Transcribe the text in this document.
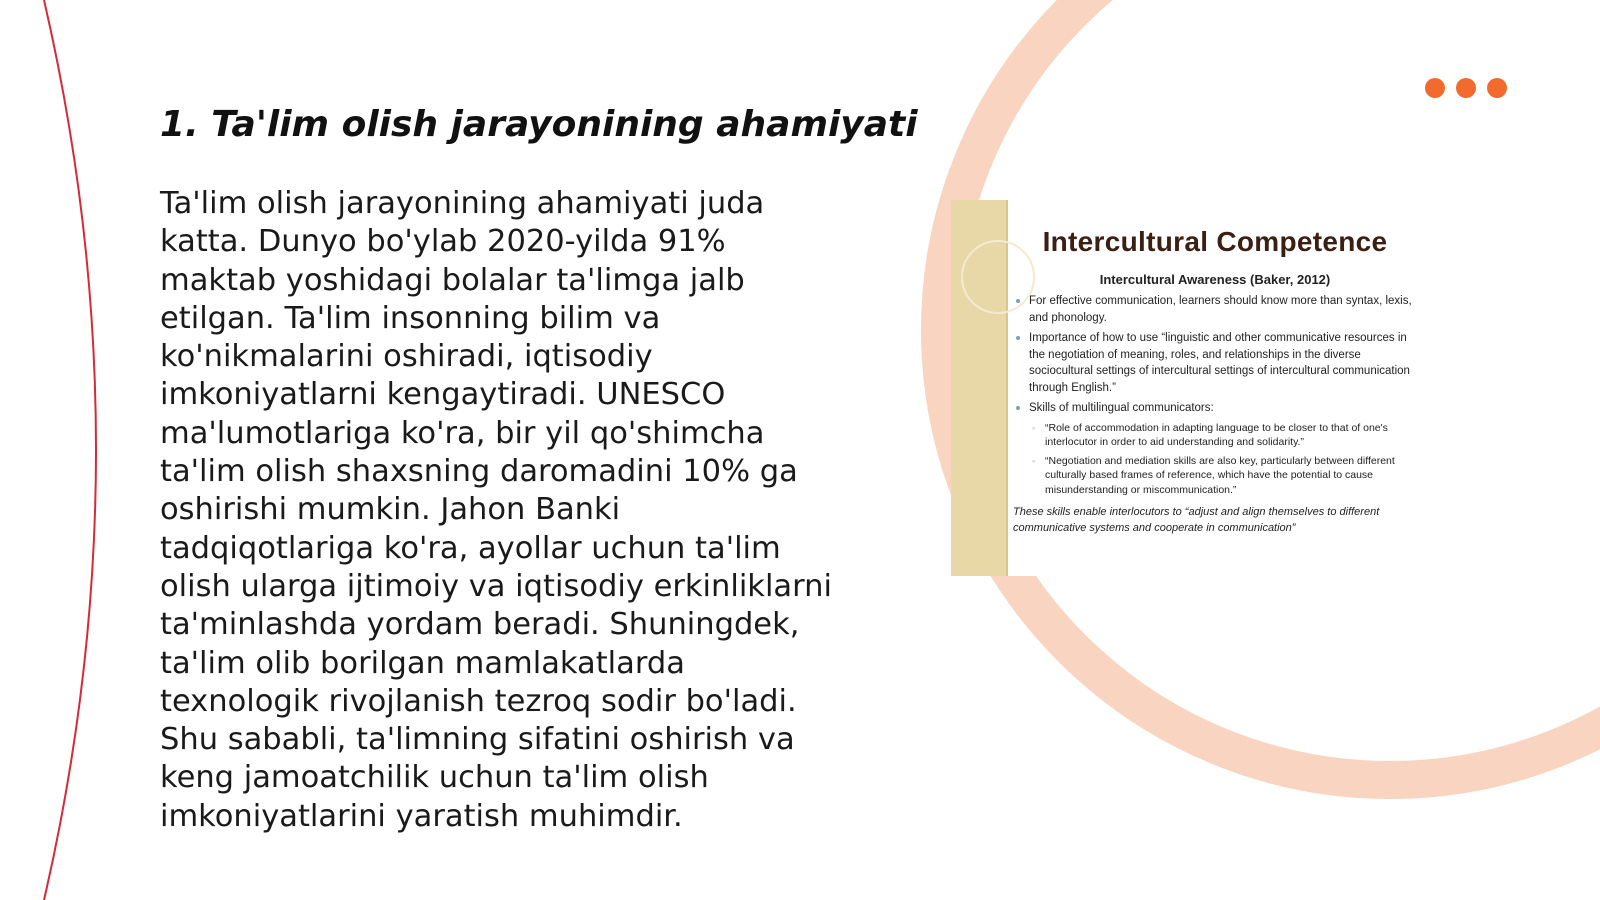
1. Ta'lim olish jarayonining ahamiyati

Ta'lim olish jarayonining ahamiyati juda katta. Dunyo bo'ylab 2020-yilda 91% maktab yoshidagi bolalar ta'limga jalb etilgan. Ta'lim insonning bilim va ko'nikmalarini oshiradi, iqtisodiy imkoniyatlarni kengaytiradi. UNESCO ma'lumotlariga ko'ra, bir yil qo'shimcha ta'lim olish shaxsning daromadini 10% ga oshirishi mumkin. Jahon Banki tadqiqotlariga ko'ra, ayollar uchun ta'lim olish ularga ijtimoiy va iqtisodiy erkinliklarni ta'minlashda yordam beradi. Shuningdek, ta'lim olib borilgan mamlakatlarda texnologik rivojlanish tezroq sodir bo'ladi. Shu sababli, ta'limning sifatini oshirish va keng jamoatchilik uchun ta'lim olish imkoniyatlarini yaratish muhimdir.

Intercultural Competence
Intercultural Awareness (Baker, 2012)
For effective communication, learners should know more than syntax, lexis, and phonology.
Importance of how to use “linguistic and other communicative resources in the negotiation of meaning, roles, and relationships in the diverse sociocultural settings of intercultural settings of intercultural communication through English.”
Skills of multilingual communicators:
◦ “Role of accommodation in adapting language to be closer to that of one's interlocutor in order to aid understanding and solidarity.”
◦ “Negotiation and mediation skills are also key, particularly between different culturally based frames of reference, which have the potential to cause misunderstanding or miscommunication.”

These skills enable interlocutors to “adjust and align themselves to different communicative systems and cooperate in communication”
